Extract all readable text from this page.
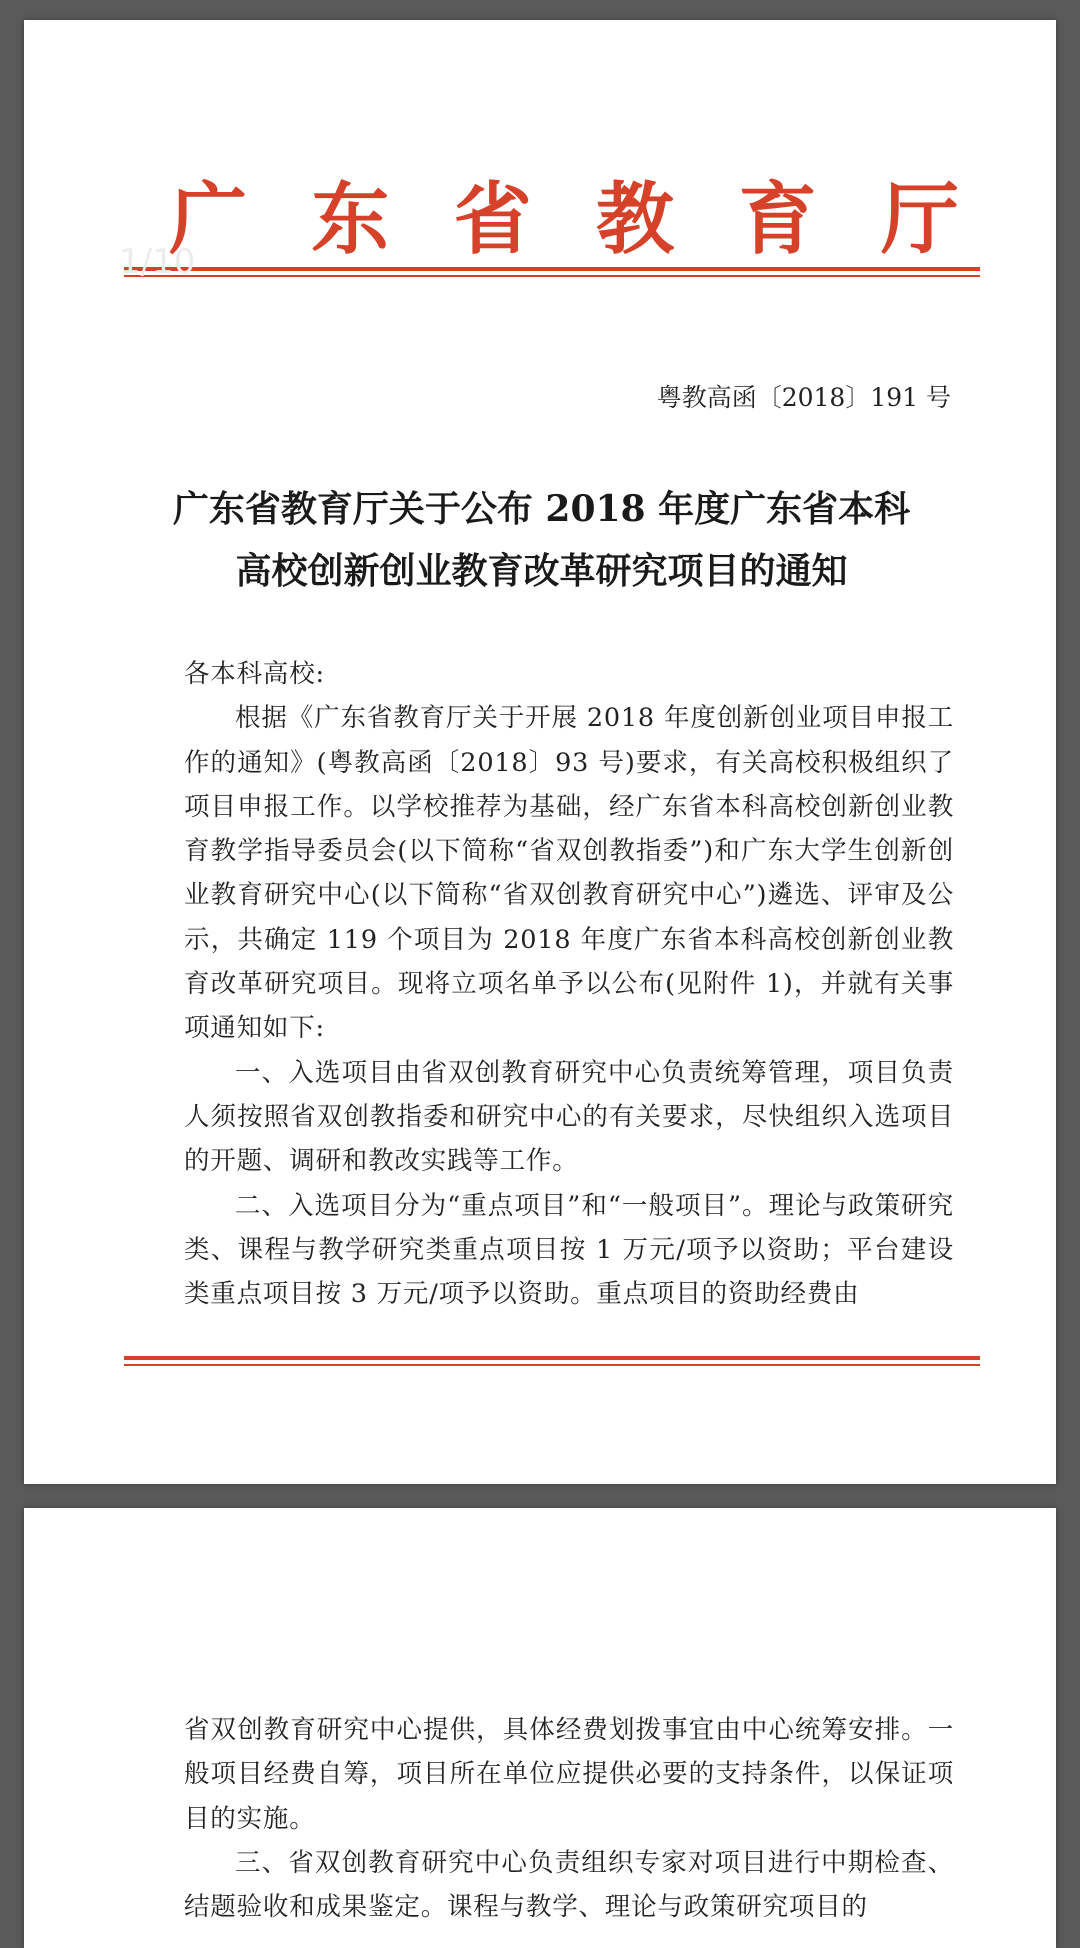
广 东 省 教 育 厅
1/10
粤教高函〔2018〕191 号
广东省教育厅关于公布 2018 年度广东省本科
高校创新创业教育改革研究项目的通知

各本科高校:

根据《广东省教育厅关于开展 2018 年度创新创业项目申报工作的通知》(粤教高函〔2018〕93 号)要求，有关高校积极组织了项目申报工作。以学校推荐为基础，经广东省本科高校创新创业教育教学指导委员会(以下简称“省双创教指委”)和广东大学生创新创业教育研究中心(以下简称“省双创教育研究中心”)遴选、评审及公示，共确定 119 个项目为 2018 年度广东省本科高校创新创业教育改革研究项目。现将立项名单予以公布(见附件 1)，并就有关事项通知如下:

一、入选项目由省双创教育研究中心负责统筹管理，项目负责人须按照省双创教指委和研究中心的有关要求，尽快组织入选项目的开题、调研和教改实践等工作。

二、入选项目分为“重点项目”和“一般项目”。理论与政策研究类、课程与教学研究类重点项目按 1 万元/项予以资助；平台建设类重点项目按 3 万元/项予以资助。重点项目的资助经费由

省双创教育研究中心提供，具体经费划拨事宜由中心统筹安排。一般项目经费自筹，项目所在单位应提供必要的支持条件，以保证项目的实施。

三、省双创教育研究中心负责组织专家对项目进行中期检查、结题验收和成果鉴定。课程与教学、理论与政策研究项目的
